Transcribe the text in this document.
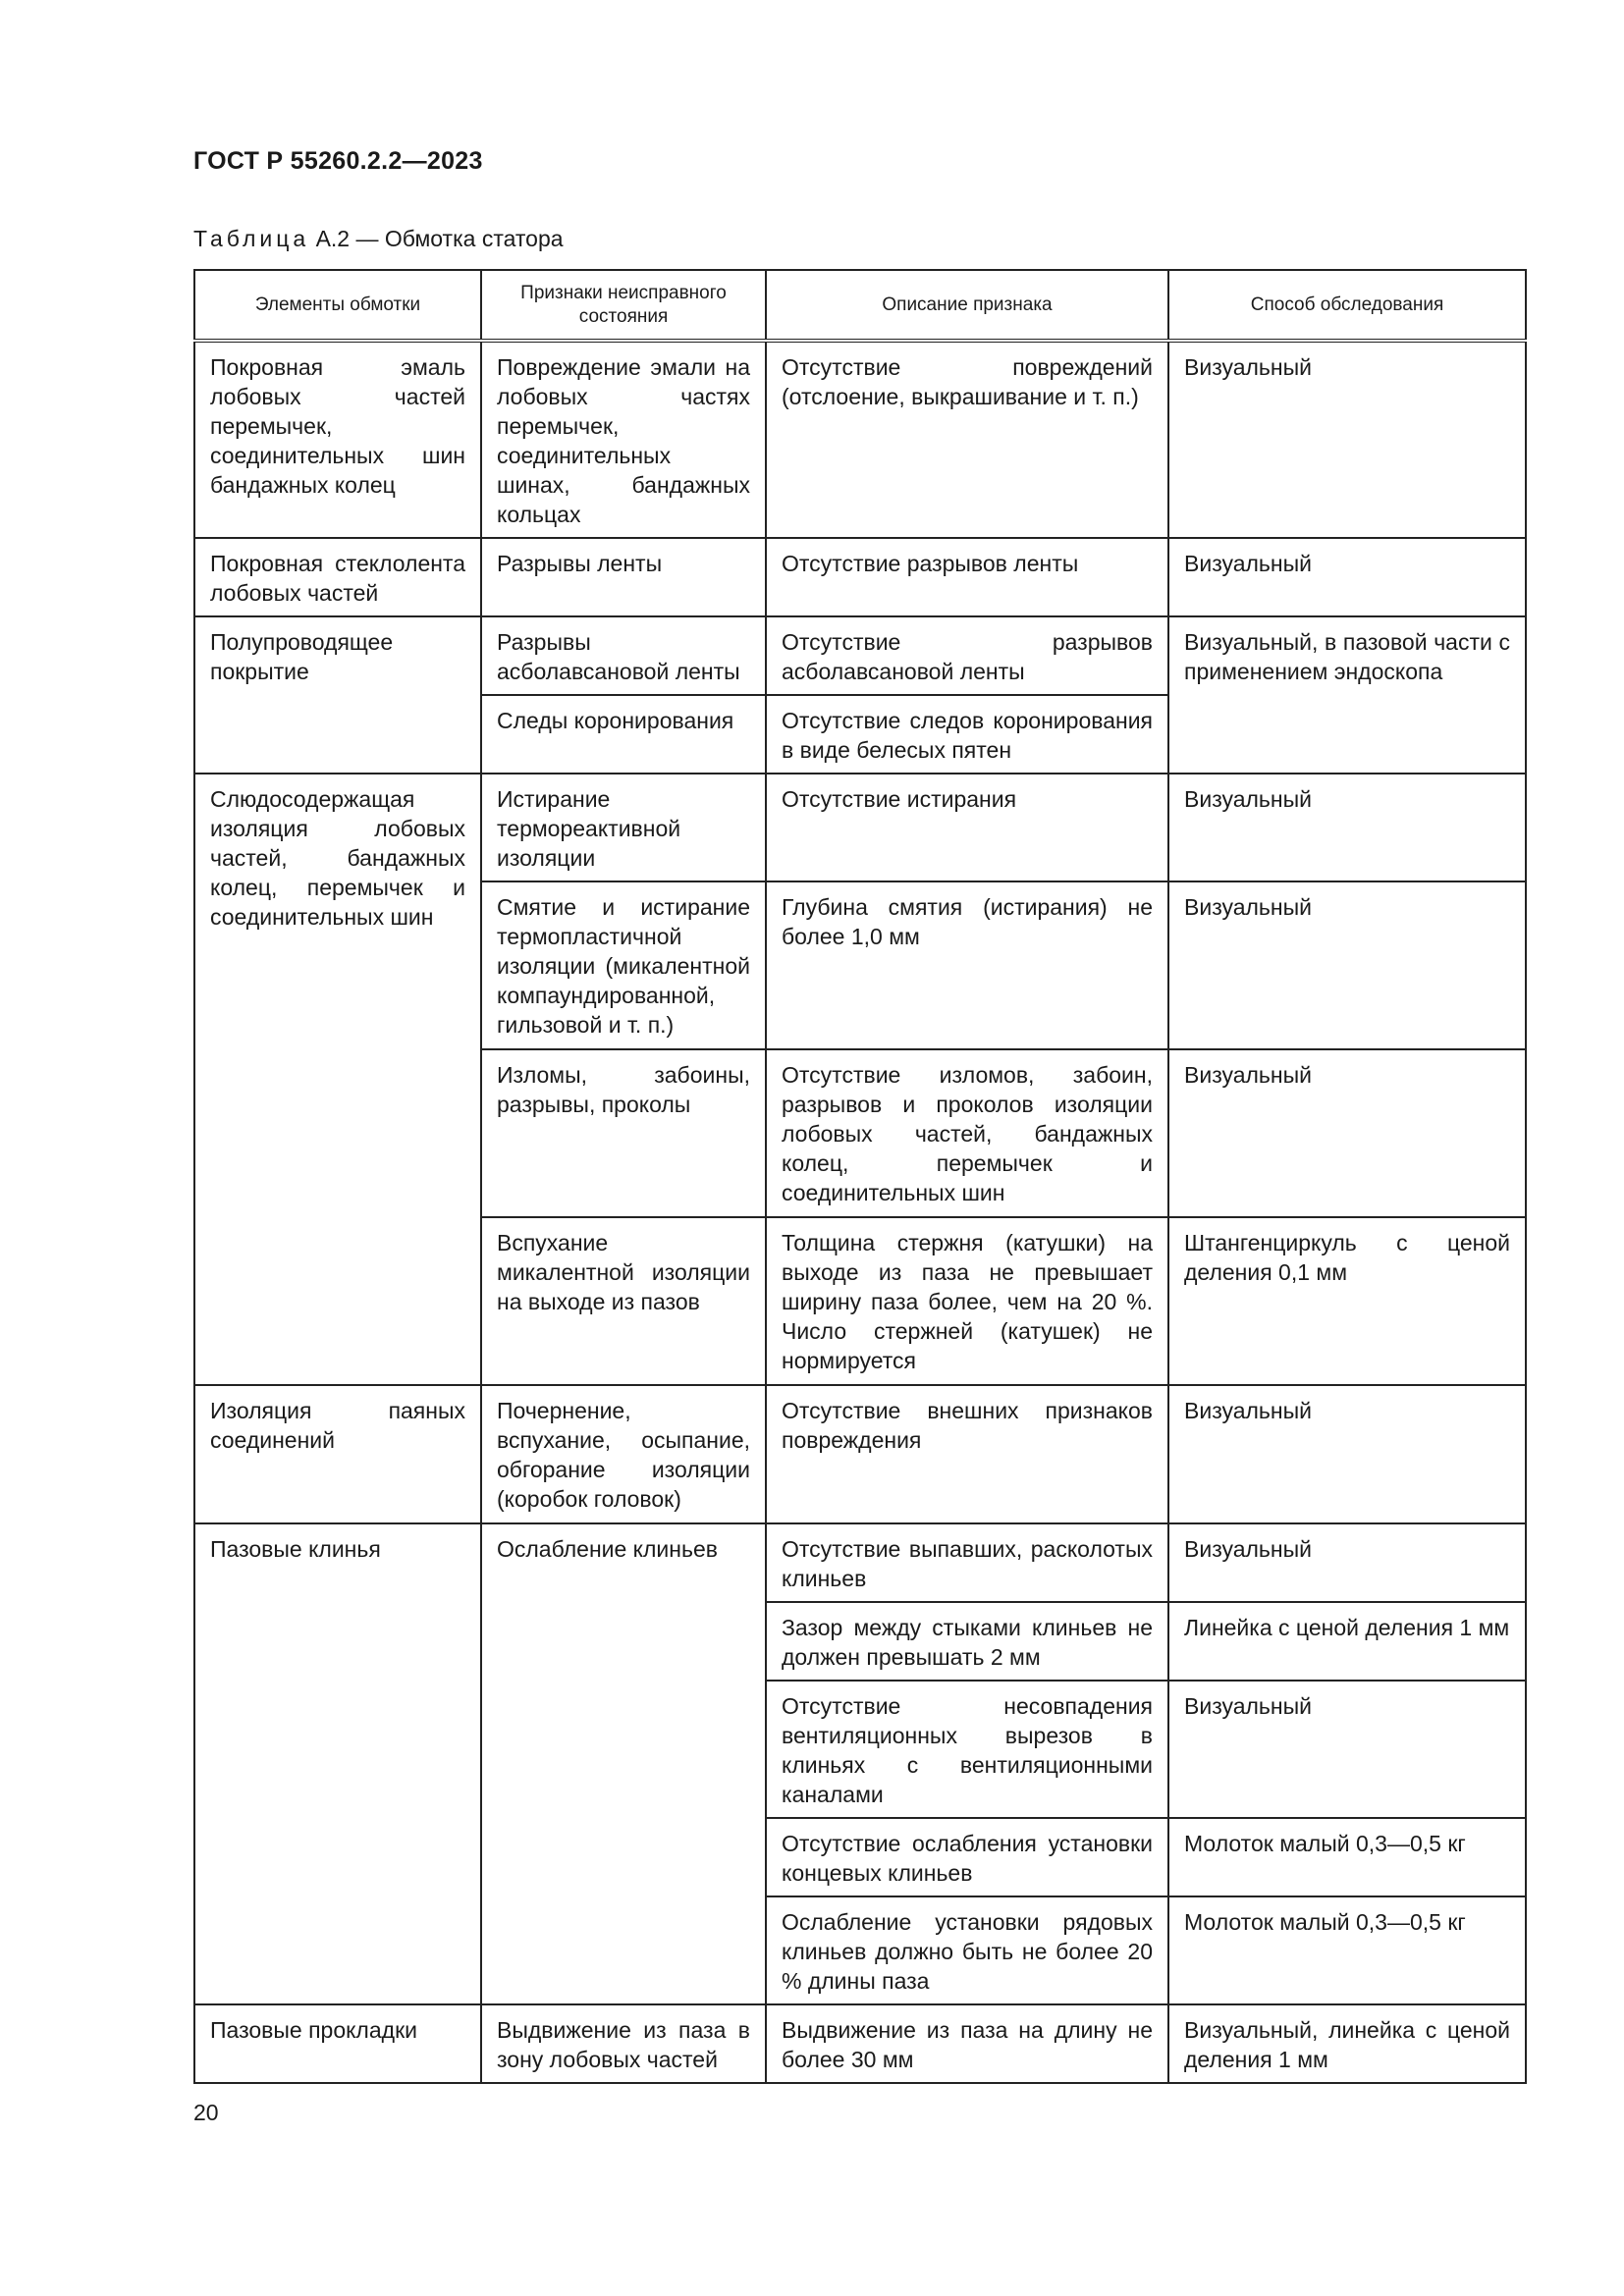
ГОСТ Р 55260.2.2—2023
Таблица А.2 — Обмотка статора
Элементы обмотки	Признаки неисправного состояния	Описание признака	Способ обследования
Покровная эмаль лобовых частей перемычек, соединительных шин бандажных колец	Повреждение эмали на лобовых частях перемычек, соединительных шинах, бандажных кольцах	Отсутствие повреждений (отслоение, выкрашивание и т. п.)	Визуальный
Покровная стеклолента лобовых частей	Разрывы ленты	Отсутствие разрывов ленты	Визуальный
Полупроводящее покрытие	Разрывы асболавсановой ленты	Отсутствие разрывов асболавсановой ленты	Визуальный, в пазовой части с применением эндоскопа
	Следы коронирования	Отсутствие следов коронирования в виде белесых пятен	
Слюдосодержащая изоляция лобовых частей, бандажных колец, перемычек и соединительных шин	Истирание термореактивной изоляции	Отсутствие истирания	Визуальный
	Смятие и истирание термопластичной изоляции (микалентной компаундированной, гильзовой и т. п.)	Глубина смятия (истирания) не более 1,0 мм	Визуальный
	Изломы, забоины, разрывы, проколы	Отсутствие изломов, забоин, разрывов и проколов изоляции лобовых частей, бандажных колец, перемычек и соединительных шин	Визуальный
	Вспухание микалентной изоляции на выходе из пазов	Толщина стержня (катушки) на выходе из паза не превышает ширину паза более, чем на 20 %. Число стержней (катушек) не нормируется	Штангенциркуль с ценой деления 0,1 мм
Изоляция паяных соединений	Почернение, вспухание, осыпание, обгорание изоляции (коробок головок)	Отсутствие внешних признаков повреждения	Визуальный
Пазовые клинья	Ослабление клиньев	Отсутствие выпавших, расколотых клиньев	Визуальный
		Зазор между стыками клиньев не должен превышать 2 мм	Линейка с ценой деления 1 мм
		Отсутствие несовпадения вентиляционных вырезов в клиньях с вентиляционными каналами	Визуальный
		Отсутствие ослабления установки концевых клиньев	Молоток малый 0,3—0,5 кг
		Ослабление установки рядовых клиньев должно быть не более 20 % длины паза	Молоток малый 0,3—0,5 кг
Пазовые прокладки	Выдвижение из паза в зону лобовых частей	Выдвижение из паза на длину не более 30 мм	Визуальный, линейка с ценой деления 1 мм
20
